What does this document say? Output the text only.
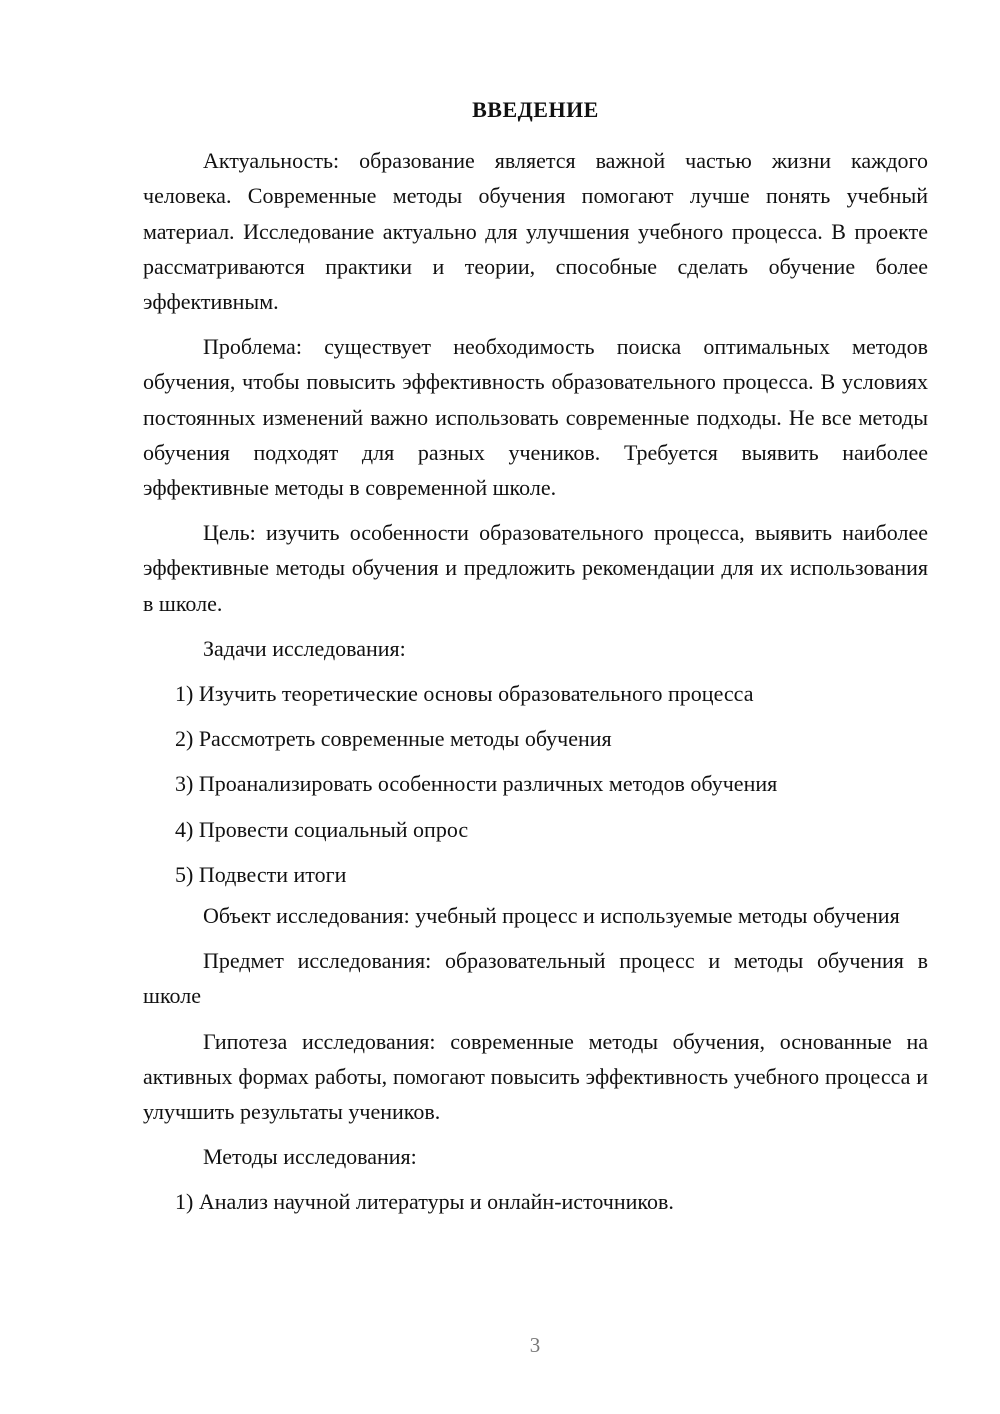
ВВЕДЕНИЕ

Актуальность: образование является важной частью жизни каждого человека. Современные методы обучения помогают лучше понять учебный материал. Исследование актуально для улучшения учебного процесса. В проекте рассматриваются практики и теории, способные сделать обучение более эффективным.

Проблема: существует необходимость поиска оптимальных методов обучения, чтобы повысить эффективность образовательного процесса. В условиях постоянных изменений важно использовать современные подходы. Не все методы обучения подходят для разных учеников. Требуется выявить наиболее эффективные методы в современной школе.

Цель: изучить особенности образовательного процесса, выявить наиболее эффективные методы обучения и предложить рекомендации для их использования в школе.

Задачи исследования:

1) Изучить теоретические основы образовательного процесса
2) Рассмотреть современные методы обучения
3) Проанализировать особенности различных методов обучения
4) Провести социальный опрос
5) Подвести итоги

Объект исследования: учебный процесс и используемые методы обучения

Предмет исследования: образовательный процесс и методы обучения в школе

Гипотеза исследования: современные методы обучения, основанные на активных формах работы, помогают повысить эффективность учебного процесса и улучшить результаты учеников.

Методы исследования:

1) Анализ научной литературы и онлайн-источников.
3
